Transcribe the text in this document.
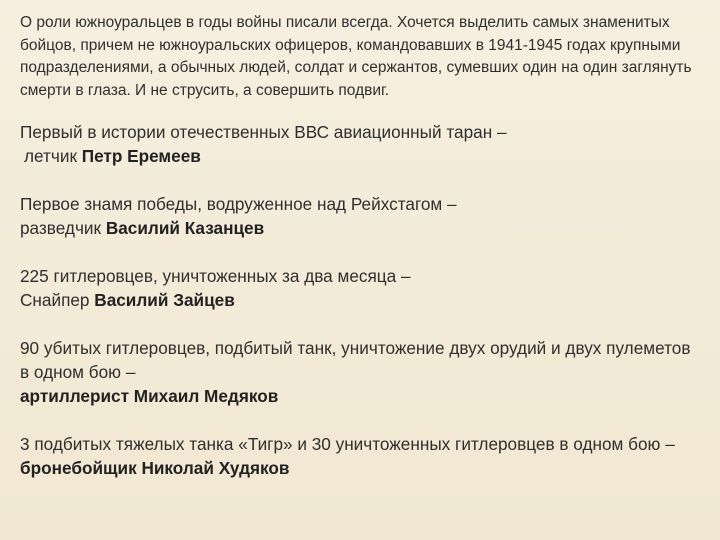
О роли южноуральцев в годы войны писали всегда. Хочется выделить самых знаменитых бойцов, причем не южноуральских офицеров, командовавших в 1941-1945 годах крупными подразделениями, а обычных людей, солдат и сержантов, сумевших один на один заглянуть смерти в глаза. И не струсить, а совершить подвиг.

Первый в истории отечественных ВВС авиационный таран –
летчик Петр Еремеев
Первое знамя победы, водруженное над Рейхстагом –
разведчик Василий Казанцев
225 гитлеровцев, уничтоженных за два месяца –
Снайпер Василий Зайцев
90 убитых гитлеровцев, подбитый танк, уничтожение двух орудий и двух пулеметов в одном бою –
артиллерист Михаил Медяков
3 подбитых тяжелых танка «Тигр» и 30 уничтоженных гитлеровцев в одном бою –
бронебойщик Николай Худяков
